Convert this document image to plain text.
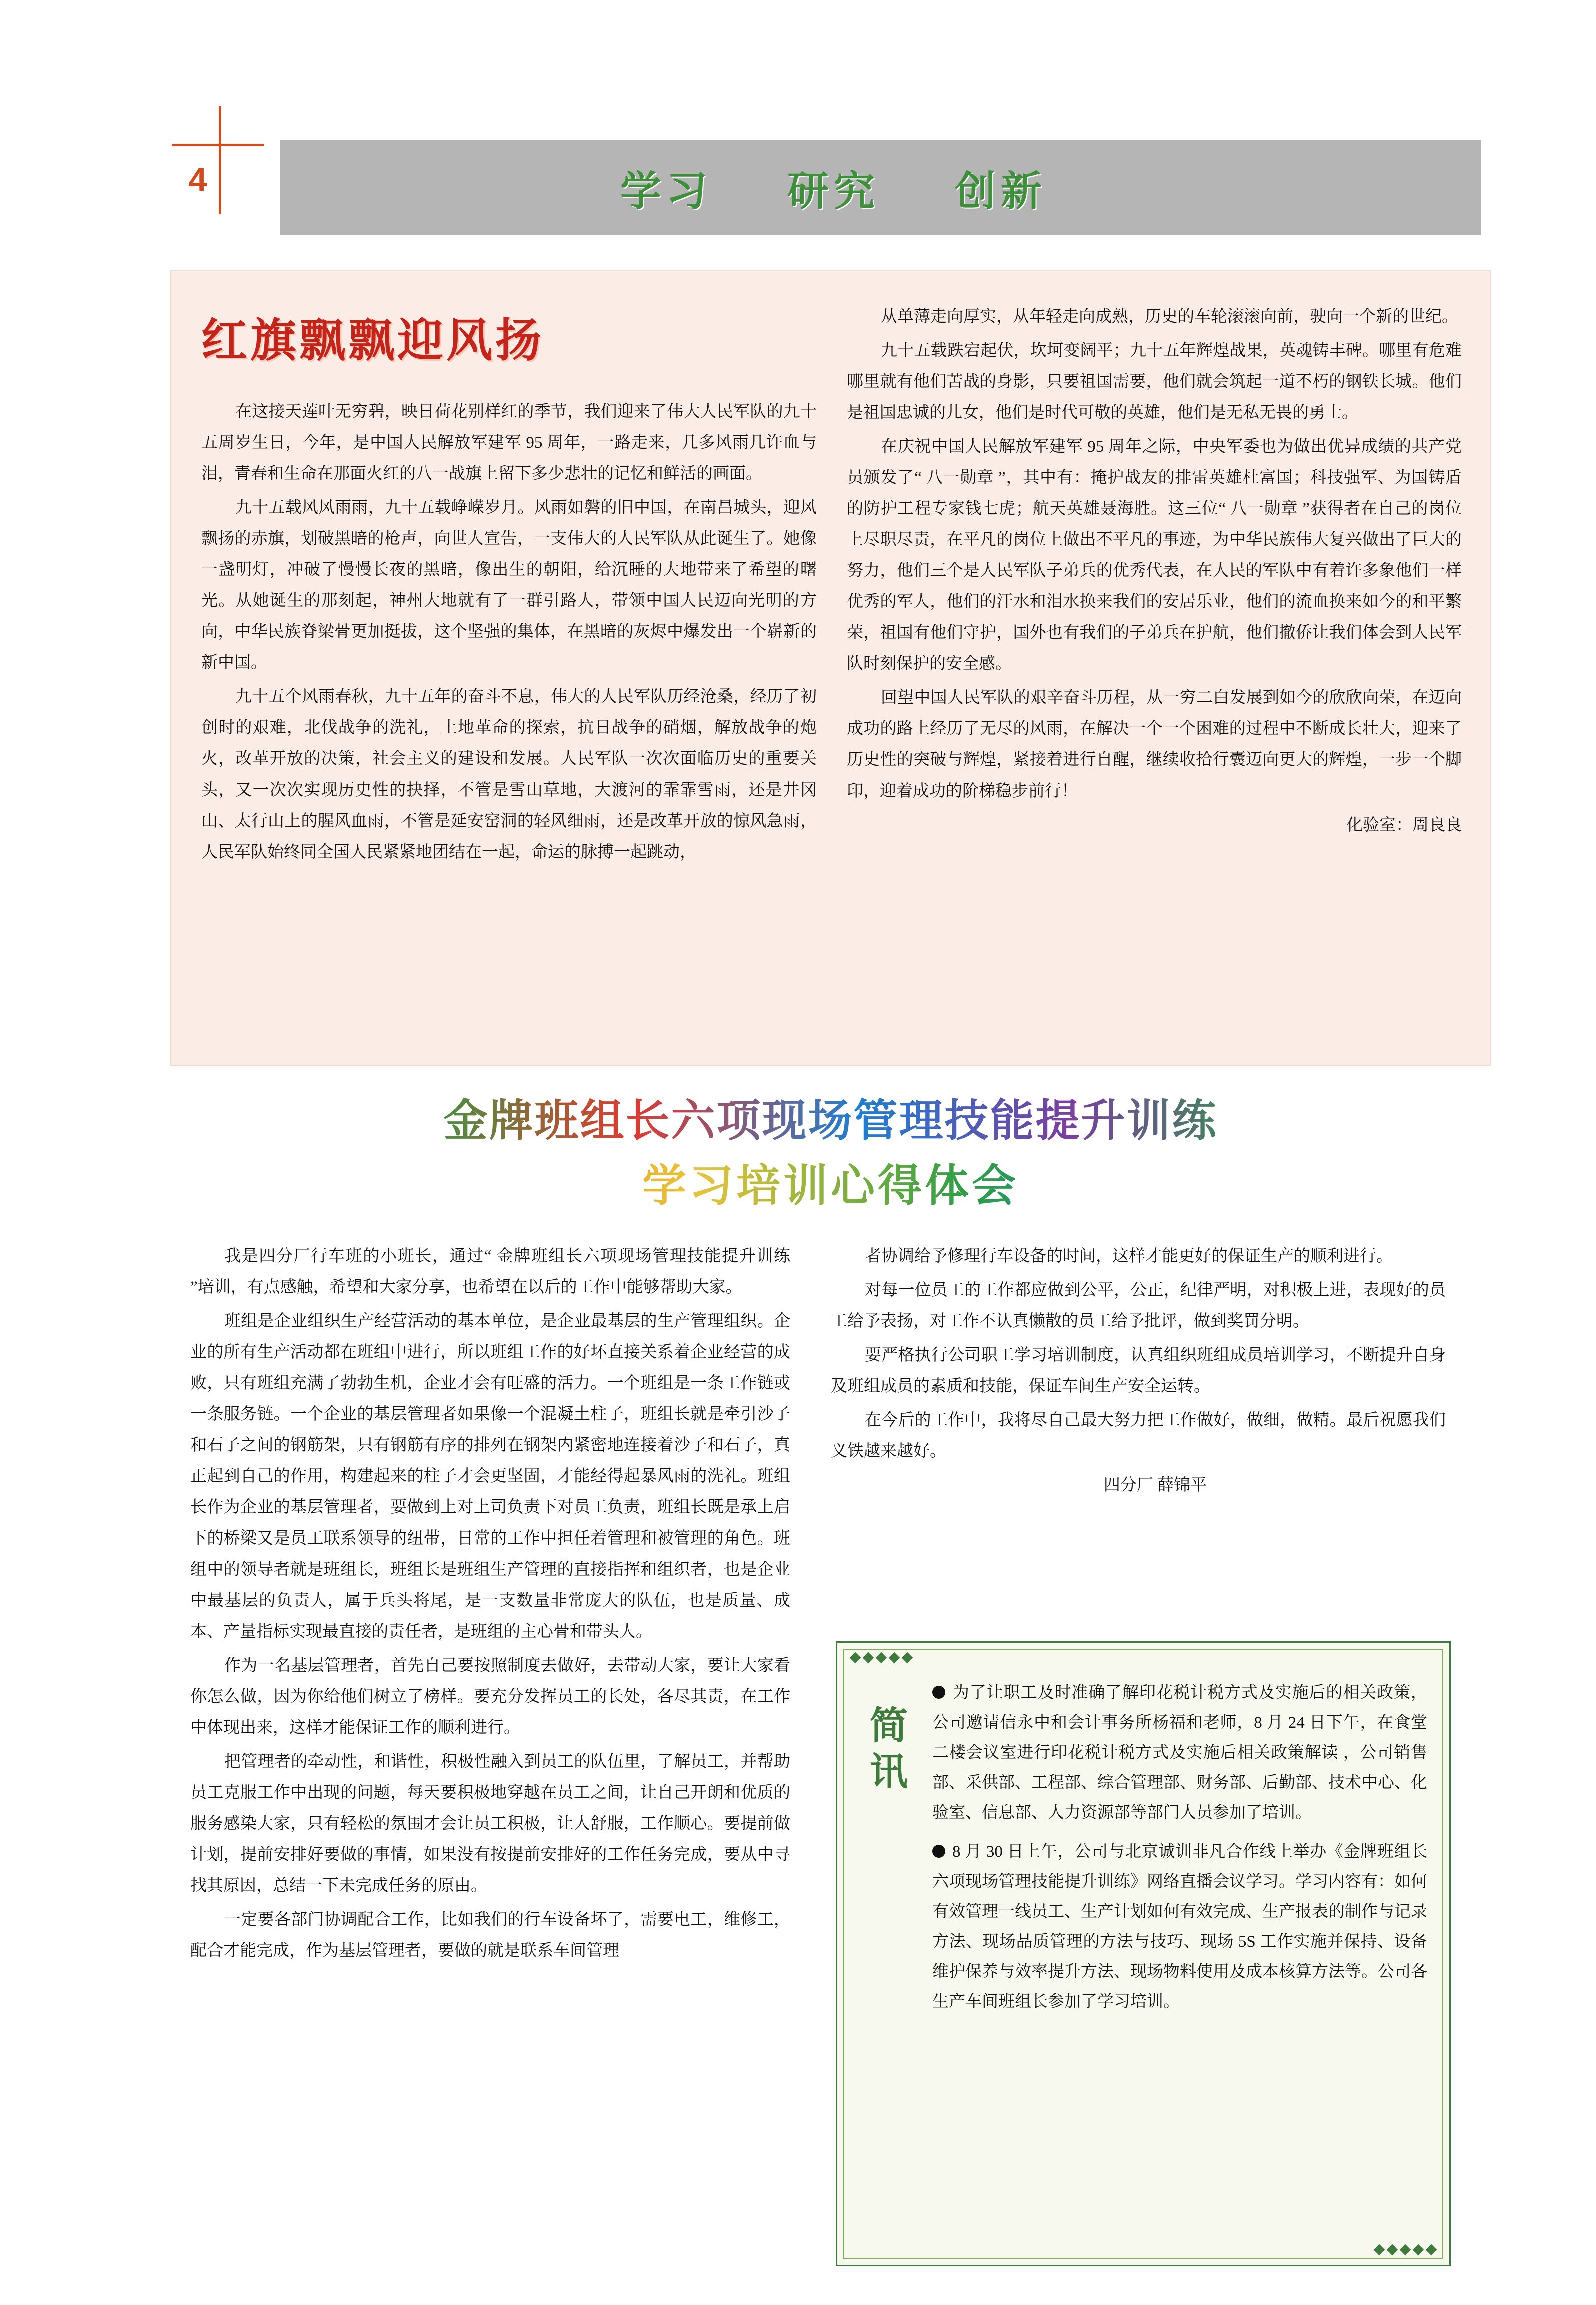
4	学习 研究 创新
红旗飘飘迎风扬

在这接天莲叶无穷碧，映日荷花别样红的季节，我们迎来了伟大人民军队的九十五周岁生日，今年，是中国人民解放军建军 95 周年，一路走来，几多风雨几许血与泪，青春和生命在那面火红的八一战旗上留下多少悲壮的记忆和鲜活的画面。

九十五载风风雨雨，九十五载峥嵘岁月。风雨如磐的旧中国，在南昌城头，迎风飘扬的赤旗，划破黑暗的枪声，向世人宣告，一支伟大的人民军队从此诞生了。她像一盏明灯，冲破了慢慢长夜的黑暗，像出生的朝阳，给沉睡的大地带来了希望的曙光。从她诞生的那刻起，神州大地就有了一群引路人，带领中国人民迈向光明的方向，中华民族脊梁骨更加挺拔，这个坚强的集体，在黑暗的灰烬中爆发出一个崭新的新中国。

九十五个风雨春秋，九十五年的奋斗不息，伟大的人民军队历经沧桑，经历了初创时的艰难，北伐战争的洗礼，土地革命的探索，抗日战争的硝烟，解放战争的炮火，改革开放的决策，社会主义的建设和发展。人民军队一次次面临历史的重要关头，又一次次实现历史性的抉择，不管是雪山草地，大渡河的霏霏雪雨，还是井冈山、太行山上的腥风血雨，不管是延安窑洞的轻风细雨，还是改革开放的惊风急雨，人民军队始终同全国人民紧紧地团结在一起，命运的脉搏一起跳动，

从单薄走向厚实，从年轻走向成熟，历史的车轮滚滚向前，驶向一个新的世纪。

九十五载跌宕起伏，坎坷变阔平；九十五年辉煌战果，英魂铸丰碑。哪里有危难哪里就有他们苦战的身影，只要祖国需要，他们就会筑起一道不朽的钢铁长城。他们是祖国忠诚的儿女，他们是时代可敬的英雄，他们是无私无畏的勇士。

在庆祝中国人民解放军建军 95 周年之际，中央军委也为做出优异成绩的共产党员颁发了“ 八一勋章 ”，其中有：掩护战友的排雷英雄杜富国；科技强军、为国铸盾的防护工程专家钱七虎；航天英雄聂海胜。这三位“ 八一勋章 ”获得者在自己的岗位上尽职尽责，在平凡的岗位上做出不平凡的事迹，为中华民族伟大复兴做出了巨大的努力，他们三个是人民军队子弟兵的优秀代表，在人民的军队中有着许多象他们一样优秀的军人，他们的汗水和泪水换来我们的安居乐业，他们的流血换来如今的和平繁荣，祖国有他们守护，国外也有我们的子弟兵在护航，他们撤侨让我们体会到人民军队时刻保护的安全感。

回望中国人民军队的艰辛奋斗历程，从一穷二白发展到如今的欣欣向荣，在迈向成功的路上经历了无尽的风雨，在解决一个一个困难的过程中不断成长壮大，迎来了历史性的突破与辉煌，紧接着进行自醒，继续收拾行囊迈向更大的辉煌，一步一个脚印，迎着成功的阶梯稳步前行！

化验室：周良良

金牌班组长六项现场管理技能提升训练
学习培训心得体会

我是四分厂行车班的小班长，通过“ 金牌班组长六项现场管理技能提升训练 ”培训，有点感触，希望和大家分享，也希望在以后的工作中能够帮助大家。

班组是企业组织生产经营活动的基本单位，是企业最基层的生产管理组织。企业的所有生产活动都在班组中进行，所以班组工作的好坏直接关系着企业经营的成败，只有班组充满了勃勃生机，企业才会有旺盛的活力。一个班组是一条工作链或一条服务链。一个企业的基层管理者如果像一个混凝土柱子，班组长就是牵引沙子和石子之间的钢筋架，只有钢筋有序的排列在钢架内紧密地连接着沙子和石子，真正起到自己的作用，构建起来的柱子才会更坚固，才能经得起暴风雨的洗礼。班组长作为企业的基层管理者，要做到上对上司负责下对员工负责，班组长既是承上启下的桥梁又是员工联系领导的纽带，日常的工作中担任着管理和被管理的角色。班组中的领导者就是班组长，班组长是班组生产管理的直接指挥和组织者，也是企业中最基层的负责人，属于兵头将尾，是一支数量非常庞大的队伍，也是质量、成本、产量指标实现最直接的责任者，是班组的主心骨和带头人。

作为一名基层管理者，首先自己要按照制度去做好，去带动大家，要让大家看你怎么做，因为你给他们树立了榜样。要充分发挥员工的长处，各尽其责，在工作中体现出来，这样才能保证工作的顺利进行。

把管理者的牵动性，和谐性，积极性融入到员工的队伍里，了解员工，并帮助员工克服工作中出现的问题，每天要积极地穿越在员工之间，让自己开朗和优质的服务感染大家，只有轻松的氛围才会让员工积极，让人舒服，工作顺心。要提前做计划，提前安排好要做的事情，如果没有按提前安排好的工作任务完成，要从中寻找其原因，总结一下未完成任务的原由。

一定要各部门协调配合工作，比如我们的行车设备坏了，需要电工，维修工，配合才能完成，作为基层管理者，要做的就是联系车间管理

者协调给予修理行车设备的时间，这样才能更好的保证生产的顺利进行。

对每一位员工的工作都应做到公平，公正，纪律严明，对积极上进，表现好的员工给予表扬，对工作不认真懒散的员工给予批评，做到奖罚分明。

要严格执行公司职工学习培训制度，认真组织班组成员培训学习，不断提升自身及班组成员的素质和技能，保证车间生产安全运转。

在今后的工作中，我将尽自己最大努力把工作做好，做细，做精。最后祝愿我们义铁越来越好。

四分厂 薛锦平

简讯
为了让职工及时准确了解印花税计税方式及实施后的相关政策，公司邀请信永中和会计事务所杨福和老师，8 月 24 日下午，在食堂二楼会议室进行印花税计税方式及实施后相关政策解读 ，公司销售部、采供部、工程部、综合管理部、财务部、后勤部、技术中心、化验室、信息部、人力资源部等部门人员参加了培训。
8 月 30 日上午，公司与北京诚训非凡合作线上举办《金牌班组长六项现场管理技能提升训练》网络直播会议学习。学习内容有：如何有效管理一线员工、生产计划如何有效完成、生产报表的制作与记录方法、现场品质管理的方法与技巧、现场 5S 工作实施并保持、设备维护保养与效率提升方法、现场物料使用及成本核算方法等。公司各生产车间班组长参加了学习培训。
